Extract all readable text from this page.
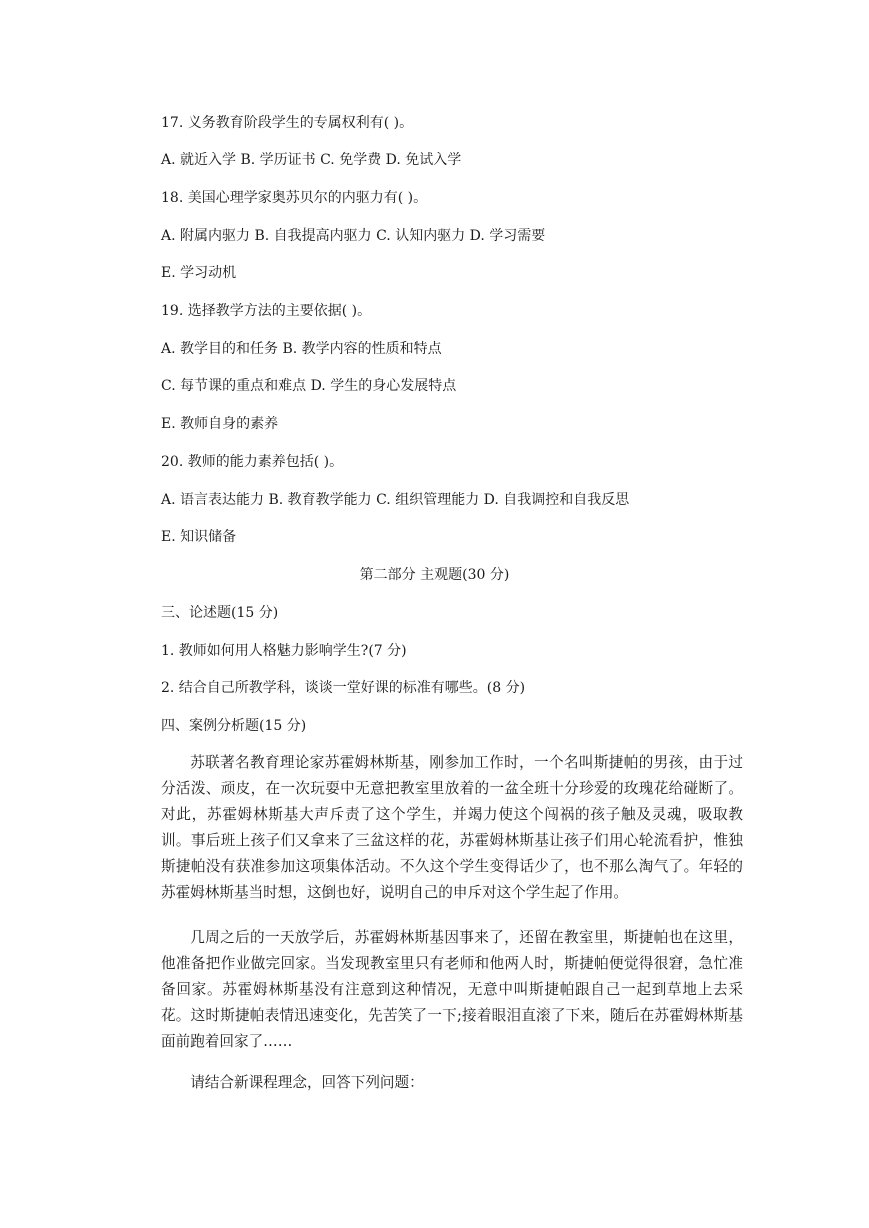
17. 义务教育阶段学生的专属权利有( )。
A. 就近入学 B. 学历证书 C. 免学费 D. 免试入学
18. 美国心理学家奥苏贝尔的内驱力有( )。
A. 附属内驱力 B. 自我提高内驱力 C. 认知内驱力 D. 学习需要
E. 学习动机
19. 选择教学方法的主要依据( )。
A. 教学目的和任务 B. 教学内容的性质和特点
C. 每节课的重点和难点 D. 学生的身心发展特点
E. 教师自身的素养
20. 教师的能力素养包括( )。
A. 语言表达能力 B. 教育教学能力 C. 组织管理能力 D. 自我调控和自我反思
E. 知识储备
第二部分 主观题(30 分)
三、论述题(15 分)
1. 教师如何用人格魅力影响学生?(7 分)
2. 结合自己所教学科，谈谈一堂好课的标准有哪些。(8 分)
四、案例分析题(15 分)
苏联著名教育理论家苏霍姆林斯基，刚参加工作时，一个名叫斯捷帕的男孩，由于过分活泼、顽皮，在一次玩耍中无意把教室里放着的一盆全班十分珍爱的玫瑰花给碰断了。对此，苏霍姆林斯基大声斥责了这个学生，并竭力使这个闯祸的孩子触及灵魂，吸取教训。事后班上孩子们又拿来了三盆这样的花，苏霍姆林斯基让孩子们用心轮流看护，惟独斯捷帕没有获准参加这项集体活动。不久这个学生变得话少了，也不那么淘气了。年轻的苏霍姆林斯基当时想，这倒也好，说明自己的申斥对这个学生起了作用。
几周之后的一天放学后，苏霍姆林斯基因事来了，还留在教室里，斯捷帕也在这里，他准备把作业做完回家。当发现教室里只有老师和他两人时，斯捷帕便觉得很窘，急忙准备回家。苏霍姆林斯基没有注意到这种情况，无意中叫斯捷帕跟自己一起到草地上去采花。这时斯捷帕表情迅速变化，先苦笑了一下;接着眼泪直滚了下来，随后在苏霍姆林斯基面前跑着回家了……
请结合新课程理念，回答下列问题：
